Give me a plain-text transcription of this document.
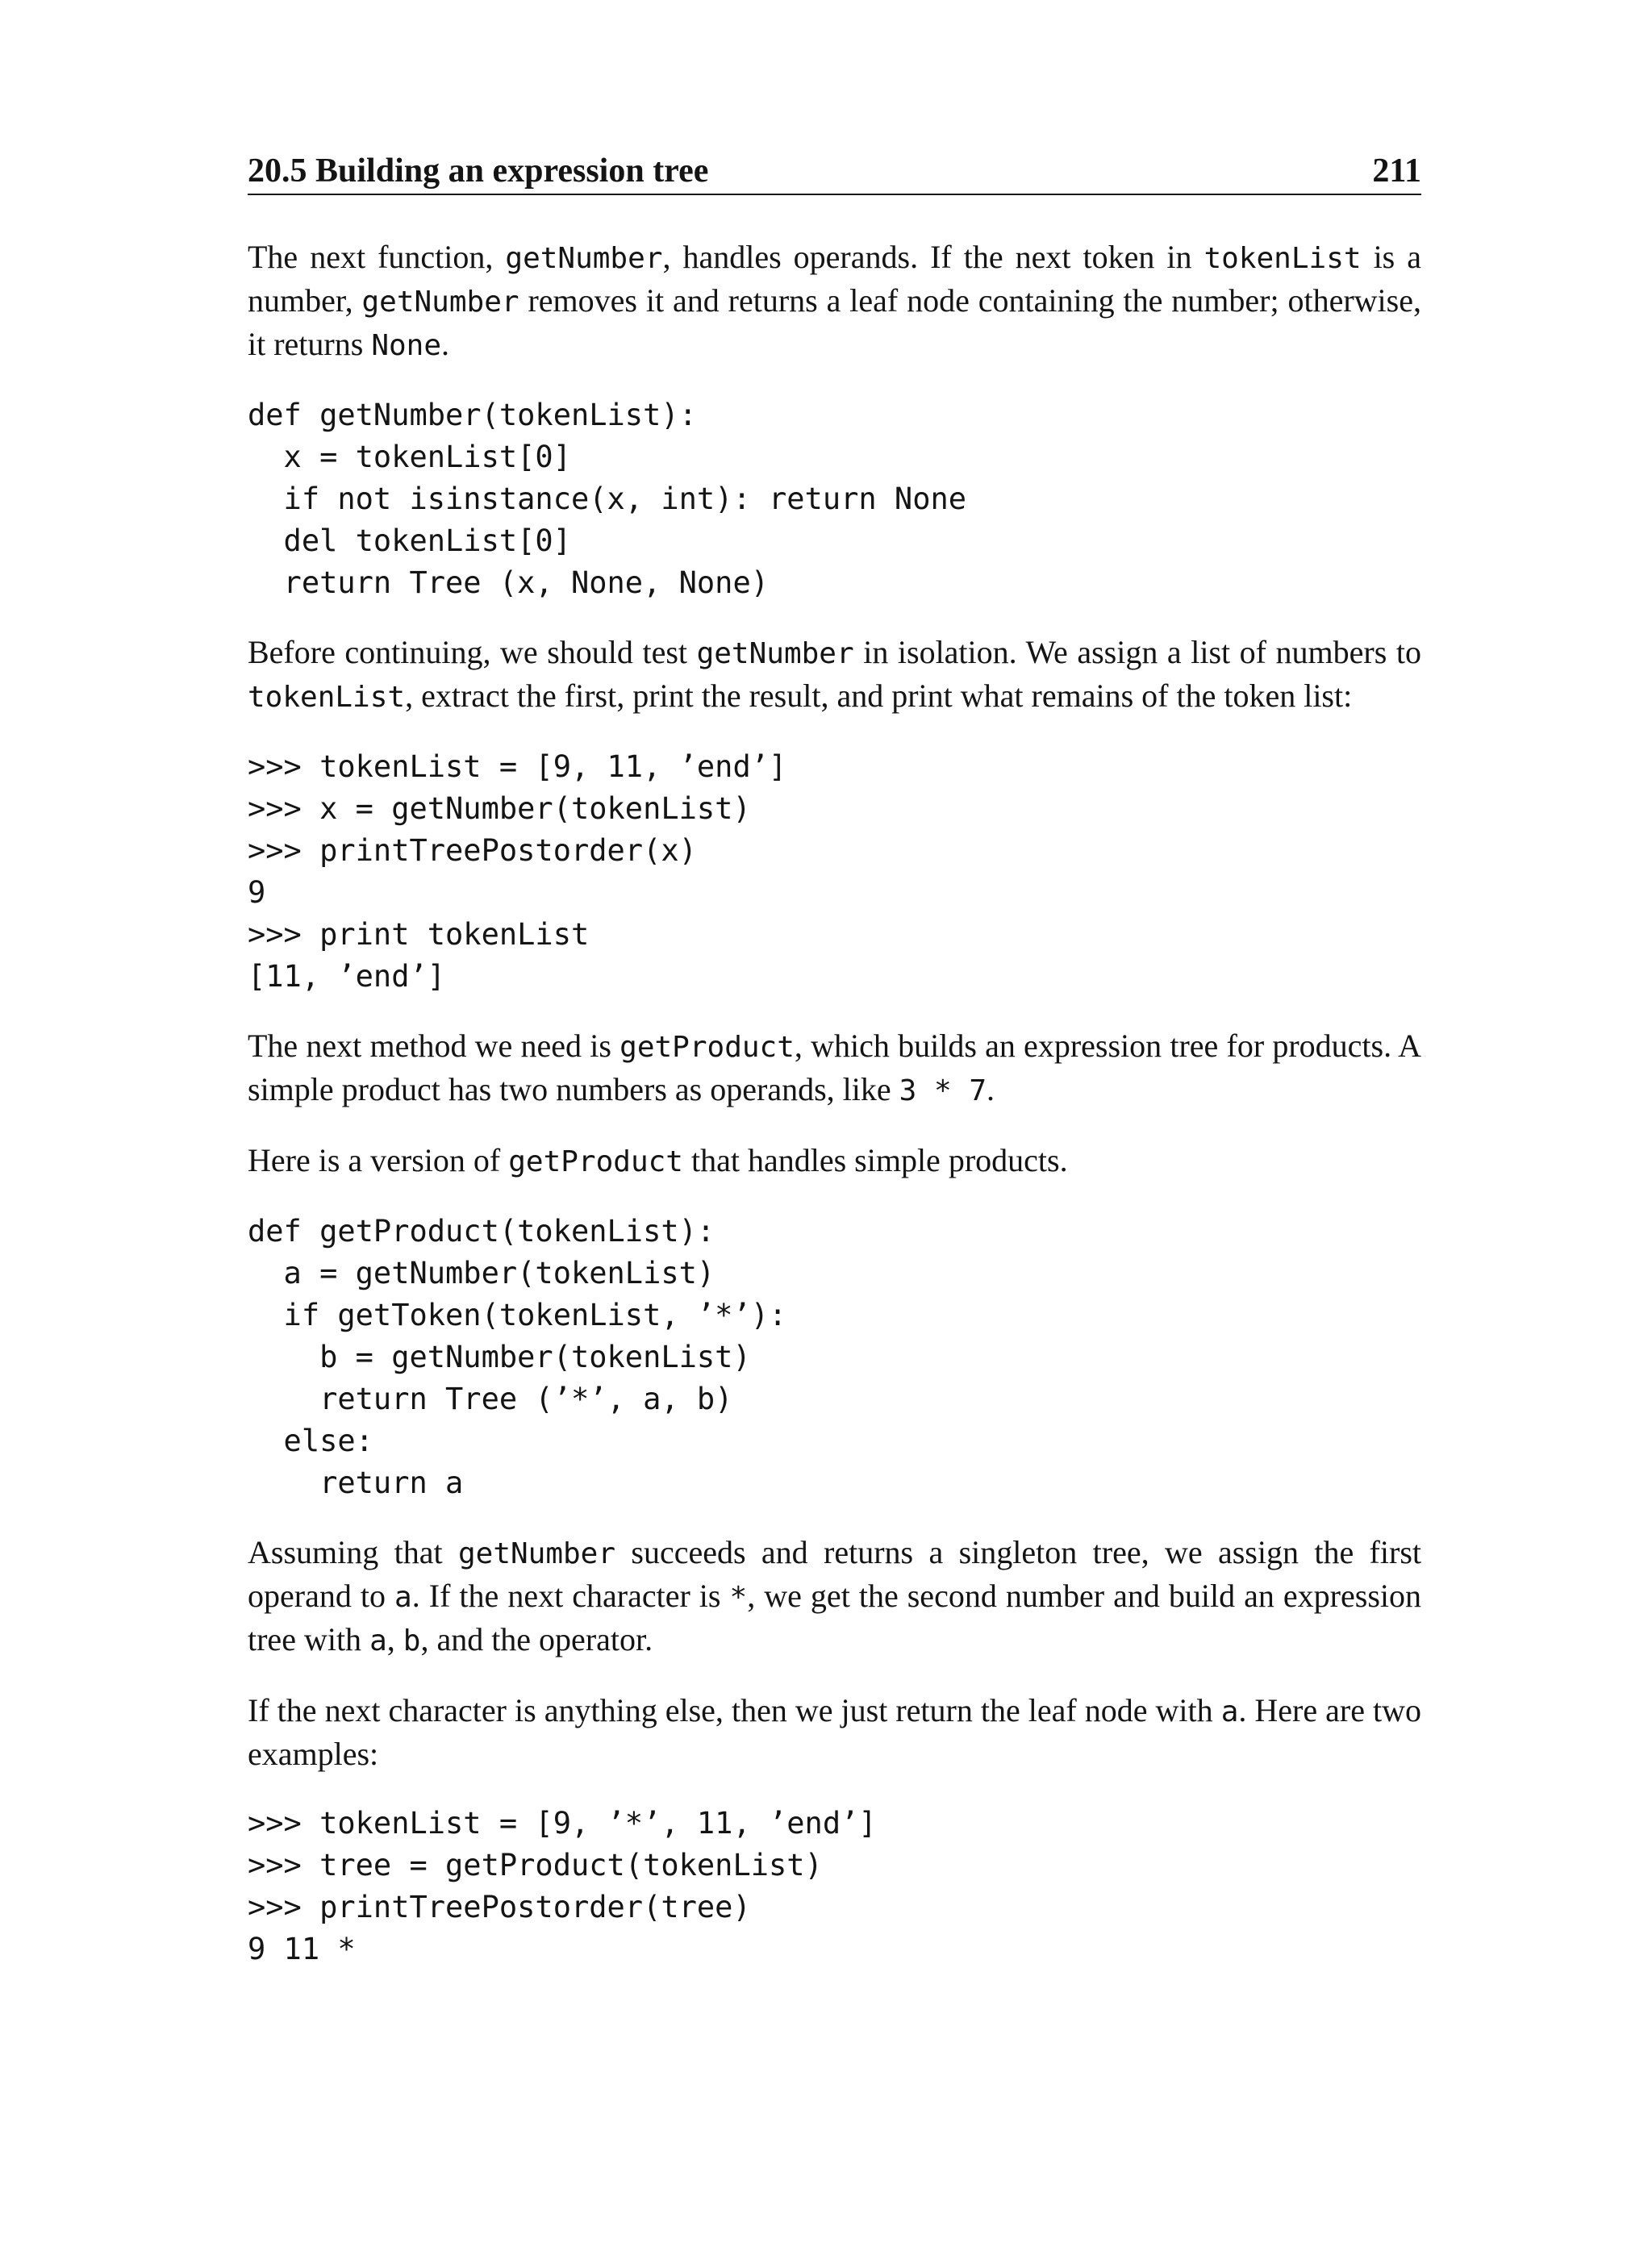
20.5 Building an expression tree	211

The next function, getNumber, handles operands. If the next token in tokenList is a number, getNumber removes it and returns a leaf node containing the number; otherwise, it returns None.

def getNumber(tokenList):
x = tokenList[0]
if not isinstance(x, int): return None
del tokenList[0]
return Tree (x, None, None)

Before continuing, we should test getNumber in isolation. We assign a list of numbers to tokenList, extract the first, print the result, and print what remains of the token list:

>>> tokenList = [9, 11, ’end’]
>>> x = getNumber(tokenList)
>>> printTreePostorder(x)
9
>>> print tokenList
[11, ’end’]

The next method we need is getProduct, which builds an expression tree for products. A simple product has two numbers as operands, like 3 * 7.

Here is a version of getProduct that handles simple products.

def getProduct(tokenList):
a = getNumber(tokenList)
if getToken(tokenList, ’*’):
b = getNumber(tokenList)
return Tree (’*’, a, b)
else:
return a

Assuming that getNumber succeeds and returns a singleton tree, we assign the first operand to a. If the next character is *, we get the second number and build an expression tree with a, b, and the operator.

If the next character is anything else, then we just return the leaf node with a. Here are two examples:

>>> tokenList = [9, ’*’, 11, ’end’]
>>> tree = getProduct(tokenList)
>>> printTreePostorder(tree)
9 11 *
